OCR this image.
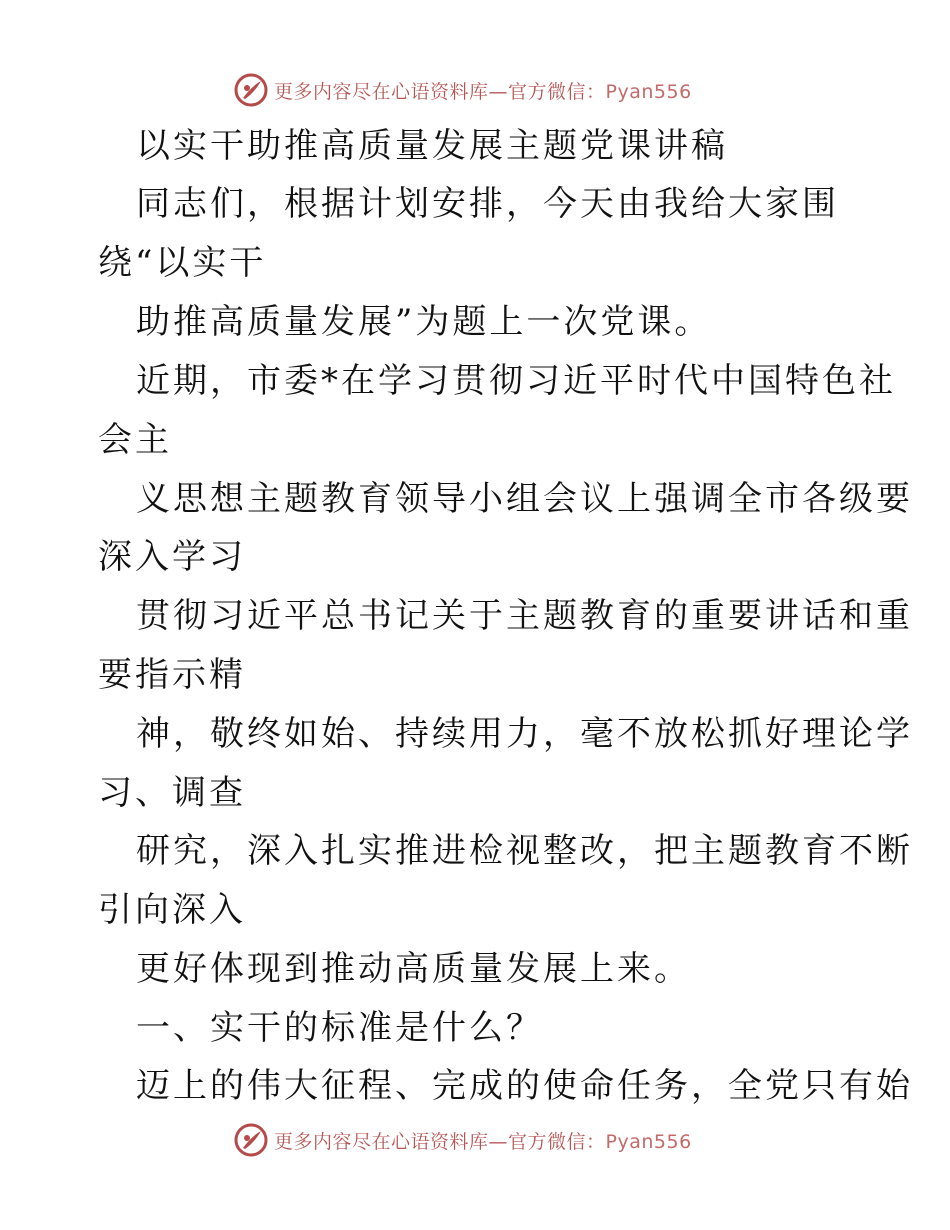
更多内容尽在心语资料库—官方微信：Pyan556
以实干助推高质量发展主题党课讲稿
同志们，根据计划安排，今天由我给大家围
绕“以实干
助推高质量发展”为题上一次党课。
近期，市委*在学习贯彻习近平时代中国特色社
会主
义思想主题教育领导小组会议上强调全市各级要
深入学习
贯彻习近平总书记关于主题教育的重要讲话和重
要指示精
神，敬终如始、持续用力，毫不放松抓好理论学
习、调查
研究，深入扎实推进检视整改，把主题教育不断
引向深入
更好体现到推动高质量发展上来。
一、实干的标准是什么？
迈上的伟大征程、完成的使命任务，全党只有始
更多内容尽在心语资料库—官方微信：Pyan556
